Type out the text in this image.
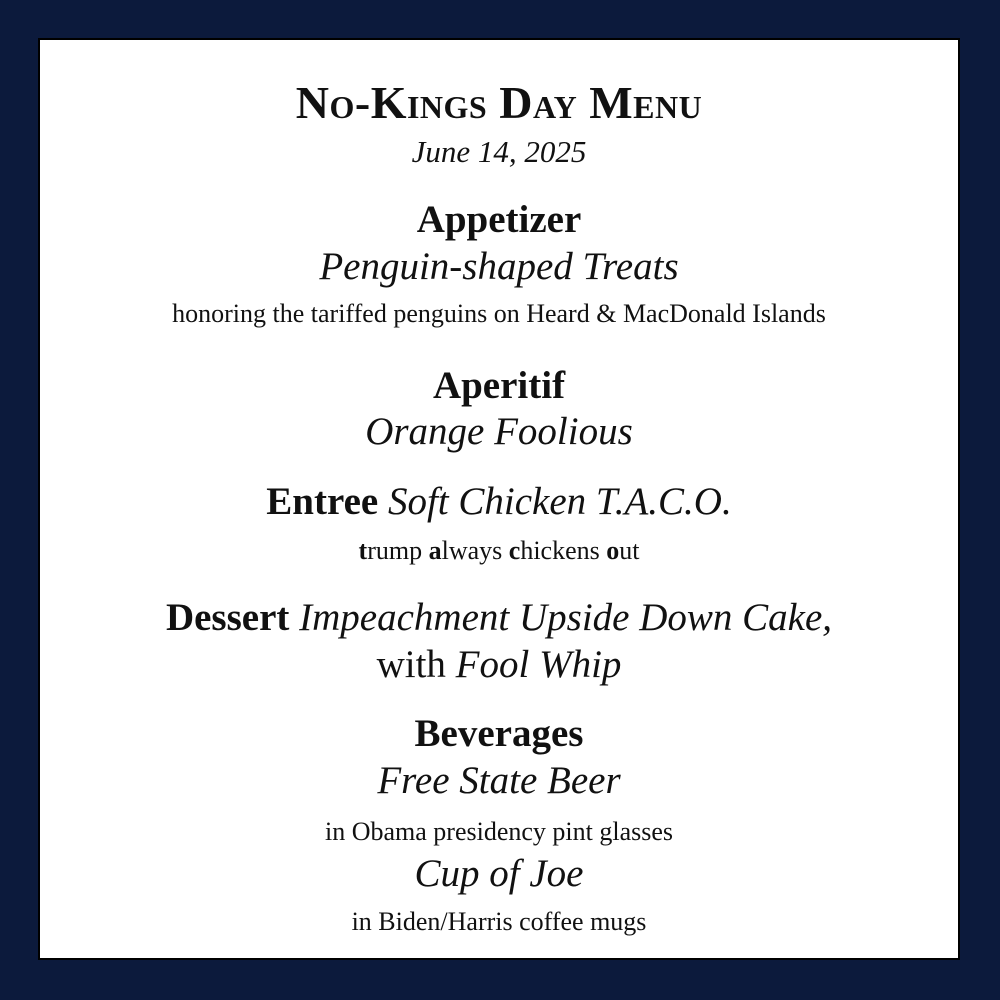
No-Kings Day Menu
June 14, 2025
Appetizer
Penguin-shaped Treats
honoring the tariffed penguins on Heard & MacDonald Islands
Aperitif
Orange Foolious
Entree Soft Chicken T.A.C.O.
trump always chickens out
Dessert Impeachment Upside Down Cake,
with Fool Whip
Beverages
Free State Beer
in Obama presidency pint glasses
Cup of Joe
in Biden/Harris coffee mugs
